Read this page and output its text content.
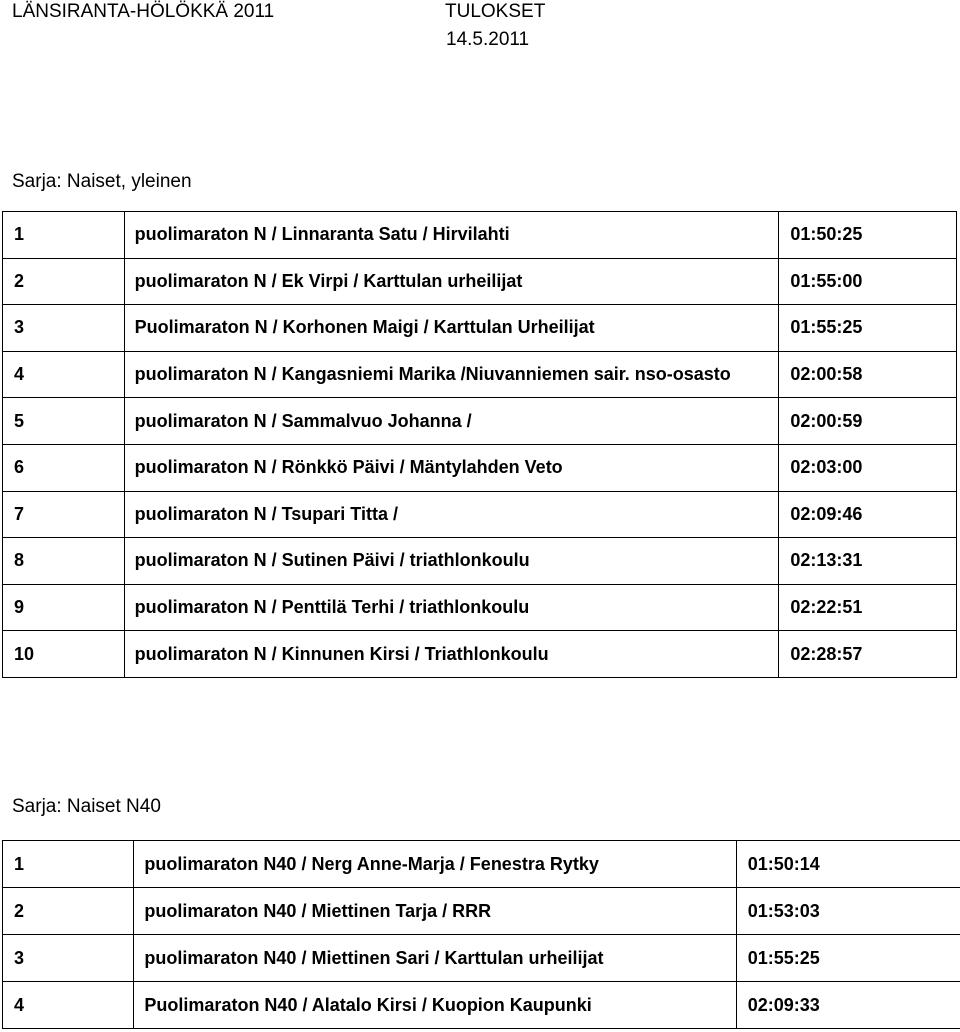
LÄNSIRANTA-HÖLÖKKÄ 2011	TULOKSET
14.5.2011
Sarja: Naiset, yleinen
1	puolimaraton N / Linnaranta Satu / Hirvilahti	01:50:25
2	puolimaraton N / Ek Virpi / Karttulan urheilijat	01:55:00
3	Puolimaraton N / Korhonen Maigi / Karttulan Urheilijat	01:55:25
4	puolimaraton N / Kangasniemi Marika /Niuvanniemen sair. nso-osasto	02:00:58
5	puolimaraton N / Sammalvuo Johanna /	02:00:59
6	puolimaraton N / Rönkkö Päivi / Mäntylahden Veto	02:03:00
7	puolimaraton N / Tsupari Titta /	02:09:46
8	puolimaraton N / Sutinen Päivi / triathlonkoulu	02:13:31
9	puolimaraton N / Penttilä Terhi / triathlonkoulu	02:22:51
10	puolimaraton N / Kinnunen Kirsi / Triathlonkoulu	02:28:57
Sarja: Naiset N40
1	puolimaraton N40 / Nerg Anne-Marja / Fenestra Rytky	01:50:14
2	puolimaraton N40 / Miettinen Tarja / RRR	01:53:03
3	puolimaraton N40 / Miettinen Sari / Karttulan urheilijat	01:55:25
4	Puolimaraton N40 / Alatalo Kirsi / Kuopion Kaupunki	02:09:33
